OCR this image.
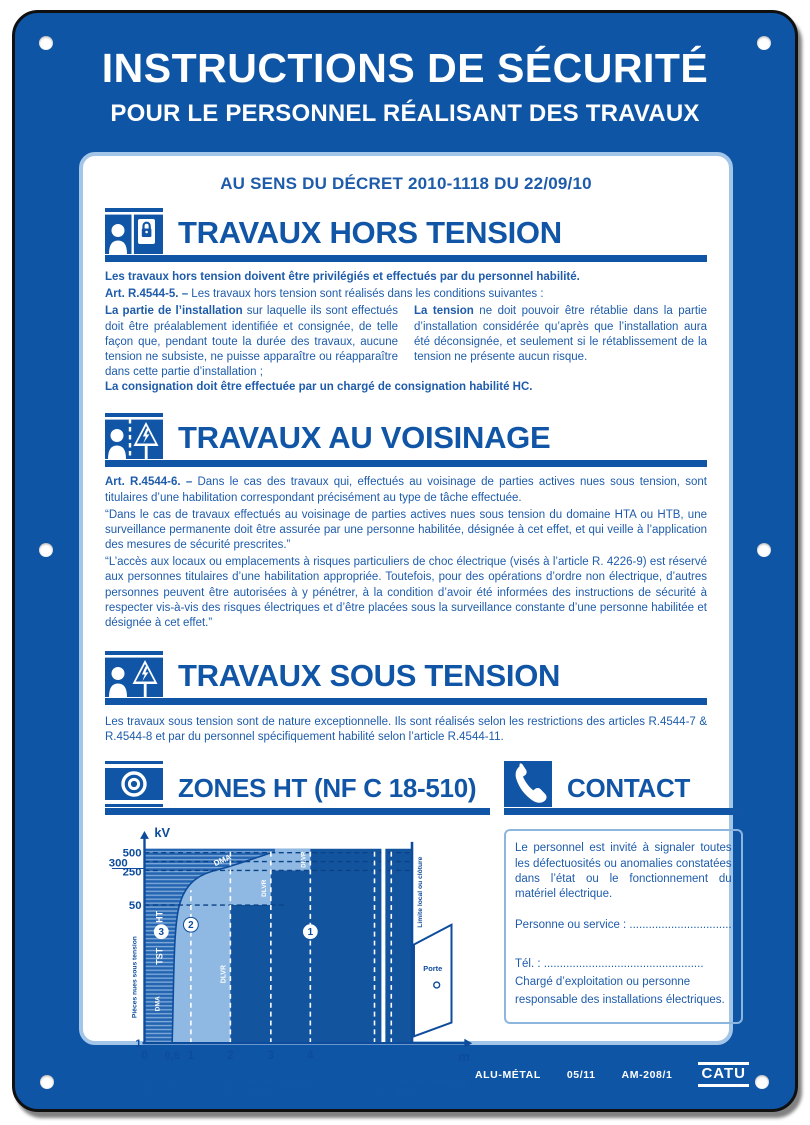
INSTRUCTIONS DE SÉCURITÉ
POUR LE PERSONNEL RÉALISANT DES TRAVAUX
AU SENS DU DÉCRET 2010-1118 DU 22/09/10
TRAVAUX HORS TENSION

Les travaux hors tension doivent être privilégiés et effectués par du personnel habilité.

Art. R.4544-5. – Les travaux hors tension sont réalisés dans les conditions suivantes :

La partie de l’installation sur laquelle ils sont effectués doit être préalablement identifiée et consignée, de telle façon que, pendant toute la durée des travaux, aucune tension ne subsiste, ne puisse apparaître ou réapparaître dans cette partie d’installation ;
La tension ne doit pouvoir être rétablie dans la partie d’installation considérée qu’après que l’installation aura été déconsignée, et seulement si le rétablissement de la tension ne présente aucun risque.

La consignation doit être effectuée par un chargé de consignation habilité HC.

TRAVAUX AU VOISINAGE

Art. R.4544-6. – Dans le cas des travaux qui, effectués au voisinage de parties actives nues sous tension, sont titulaires d’une habilitation correspondant précisément au type de tâche effectuée.

“Dans le cas de travaux effectués au voisinage de parties actives nues sous tension du domaine HTA ou HTB, une surveillance permanente doit être assurée par une personne habilitée, désignée à cet effet, et qui veille à l’application des mesures de sécurité prescrites.”

“L’accès aux locaux ou emplacements à risques particuliers de choc électrique (visés à l’article R. 4226-9) est réservé aux personnes titulaires d’une habilitation appropriée. Toutefois, pour des opérations d’ordre non électrique, d’autres personnes peuvent être autorisées à y pénétrer, à la condition d’avoir été informées des instructions de sécurité à respecter vis-à-vis des risques électriques et d’être placées sous la surveillance constante d’une personne habilitée et désignée à cet effet.”

TRAVAUX SOUS TENSION

Les travaux sous tension sont de nature exceptionnelle. Ils sont réalisés selon les restrictions des articles R.4544-7 & R.4544-8 et par du personnel spécifiquement habilité selon l’article R.4544-11.

ZONES HT (NF C 18-510)
kV
m
500
300
250
50
1
0 0,6 1	2	3	4
Pièces nues sous tension
Limite local ou clôture
HT
3
TST
DMA
DMA
DLVR
DLVR
DLVR
2
1
Porte
3	Zone TST HT	2	Zone de voisinage renforcée	1	Zone de voisinage simple
CONTACT

Le personnel est invité à signaler toutes les défectuosités ou anomalies constatées dans l’état ou le fonctionnement du matériel électrique.

Personne ou service : ................................
Tél. : ..................................................
Chargé d’exploitation ou personne responsable des installations électriques.
ALU-MÉTAL 05/11 AM-208/1 CATU
